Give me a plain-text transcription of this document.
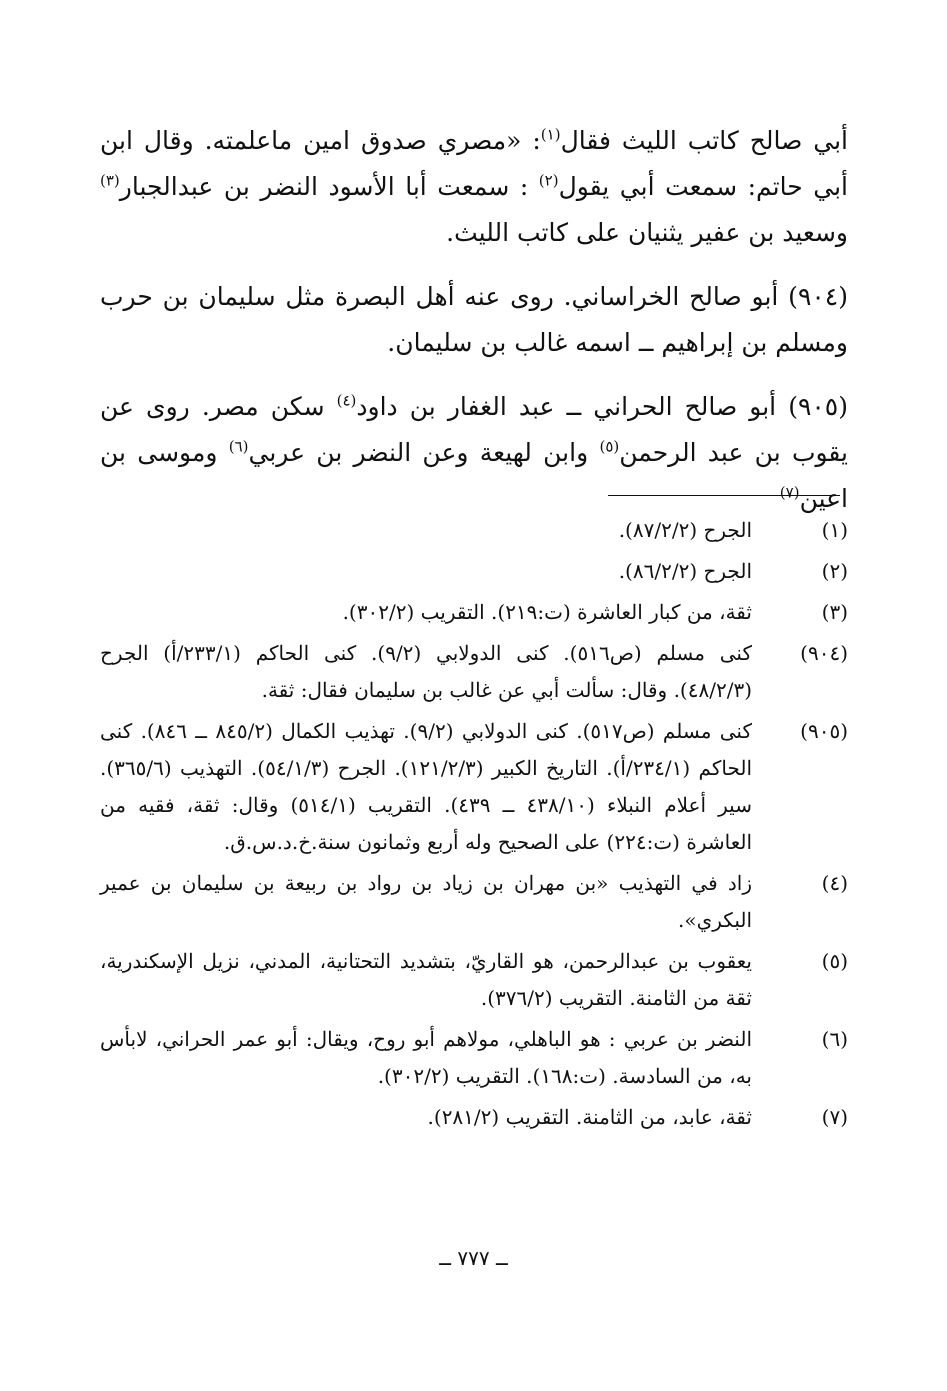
أبي صالح كاتب الليث فقال$^{(١)}$: «مصري صدوق امين ماعلمته. وقال ابن أبي حاتم: سمعت أبي يقول$^{(٢)}$ : سمعت أبا الأسود النضر بن عبدالجبار$^{(٣)}$ وسعيد بن عفير يثنيان على كاتب الليث.

(٩٠٤) أبو صالح الخراساني. روى عنه أهل البصرة مثل سليمان بن حرب ومسلم بن إبراهيم ــ اسمه غالب بن سليمان.

(٩٠٥) أبو صالح الحراني ــ عبد الغفار بن داود$^{(٤)}$ سكن مصر. روى عن يقوب بن عبد الرحمن$^{(٥)}$ وابن لهيعة وعن النضر بن عربي$^{(٦)}$ وموسى بن اعين$^{(٧)}$

(١)
الجرح (٨٧/٢/٢).
(٢)
الجرح (٨٦/٢/٢).
(٣)
ثقة، من كبار العاشرة (ت:٢١٩). التقريب (٣٠٢/٢).
(٩٠٤)
كنى مسلم (ص٥١٦). كنى الدولابي (٩/٢). كنى الحاكم (٢٣٣/١/أ) الجرح (٤٨/٢/٣). وقال: سألت أبي عن غالب بن سليمان فقال: ثقة.
(٩٠٥)
كنى مسلم (ص٥١٧). كنى الدولابي (٩/٢). تهذيب الكمال (٨٤٥/٢ ــ ٨٤٦). كنى الحاكم (٢٣٤/١/أ). التاريخ الكبير (١٢١/٢/٣). الجرح (٥٤/١/٣). التهذيب (٣٦٥/٦). سير أعلام النبلاء (٤٣٨/١٠ ــ ٤٣٩). التقريب (٥١٤/١) وقال: ثقة، فقيه من العاشرة (ت:٢٢٤) على الصحيح وله أربع وثمانون سنة.خ.د.س.ق.
(٤)
زاد في التهذيب «بن مهران بن زياد بن رواد بن ربيعة بن سليمان بن عمير البكري».
(٥)
يعقوب بن عبدالرحمن، هو القاريّ، بتشديد التحتانية، المدني، نزيل الإسكندرية، ثقة من الثامنة. التقريب (٣٧٦/٢).
(٦)
النضر بن عربي : هو الباهلي، مولاهم أبو روح، ويقال: أبو عمر الحراني، لابأس به، من السادسة. (ت:١٦٨). التقريب (٣٠٢/٢).
(٧)
ثقة، عابد، من الثامنة. التقريب (٢٨١/٢).
ــ ٧٧٧ ــ
